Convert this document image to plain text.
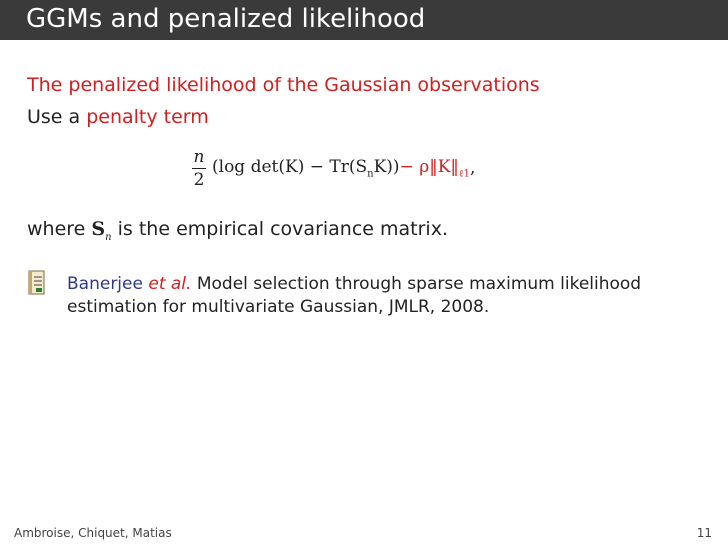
GGMs and penalized likelihood
The penalized likelihood of the Gaussian observations
Use a penalty term
$\frac{n}{2} (\log$ $\det(K) - Tr(S_nK)$) − $\rho‖K‖_{\ell 1}$ ,
where $S_n$ is the empirical covariance matrix.
Banerjee et al. Model selection through sparse maximum likelihood estimation for multivariate Gaussian, JMLR, 2008.
Ambroise, Chiquet, Matias	11
